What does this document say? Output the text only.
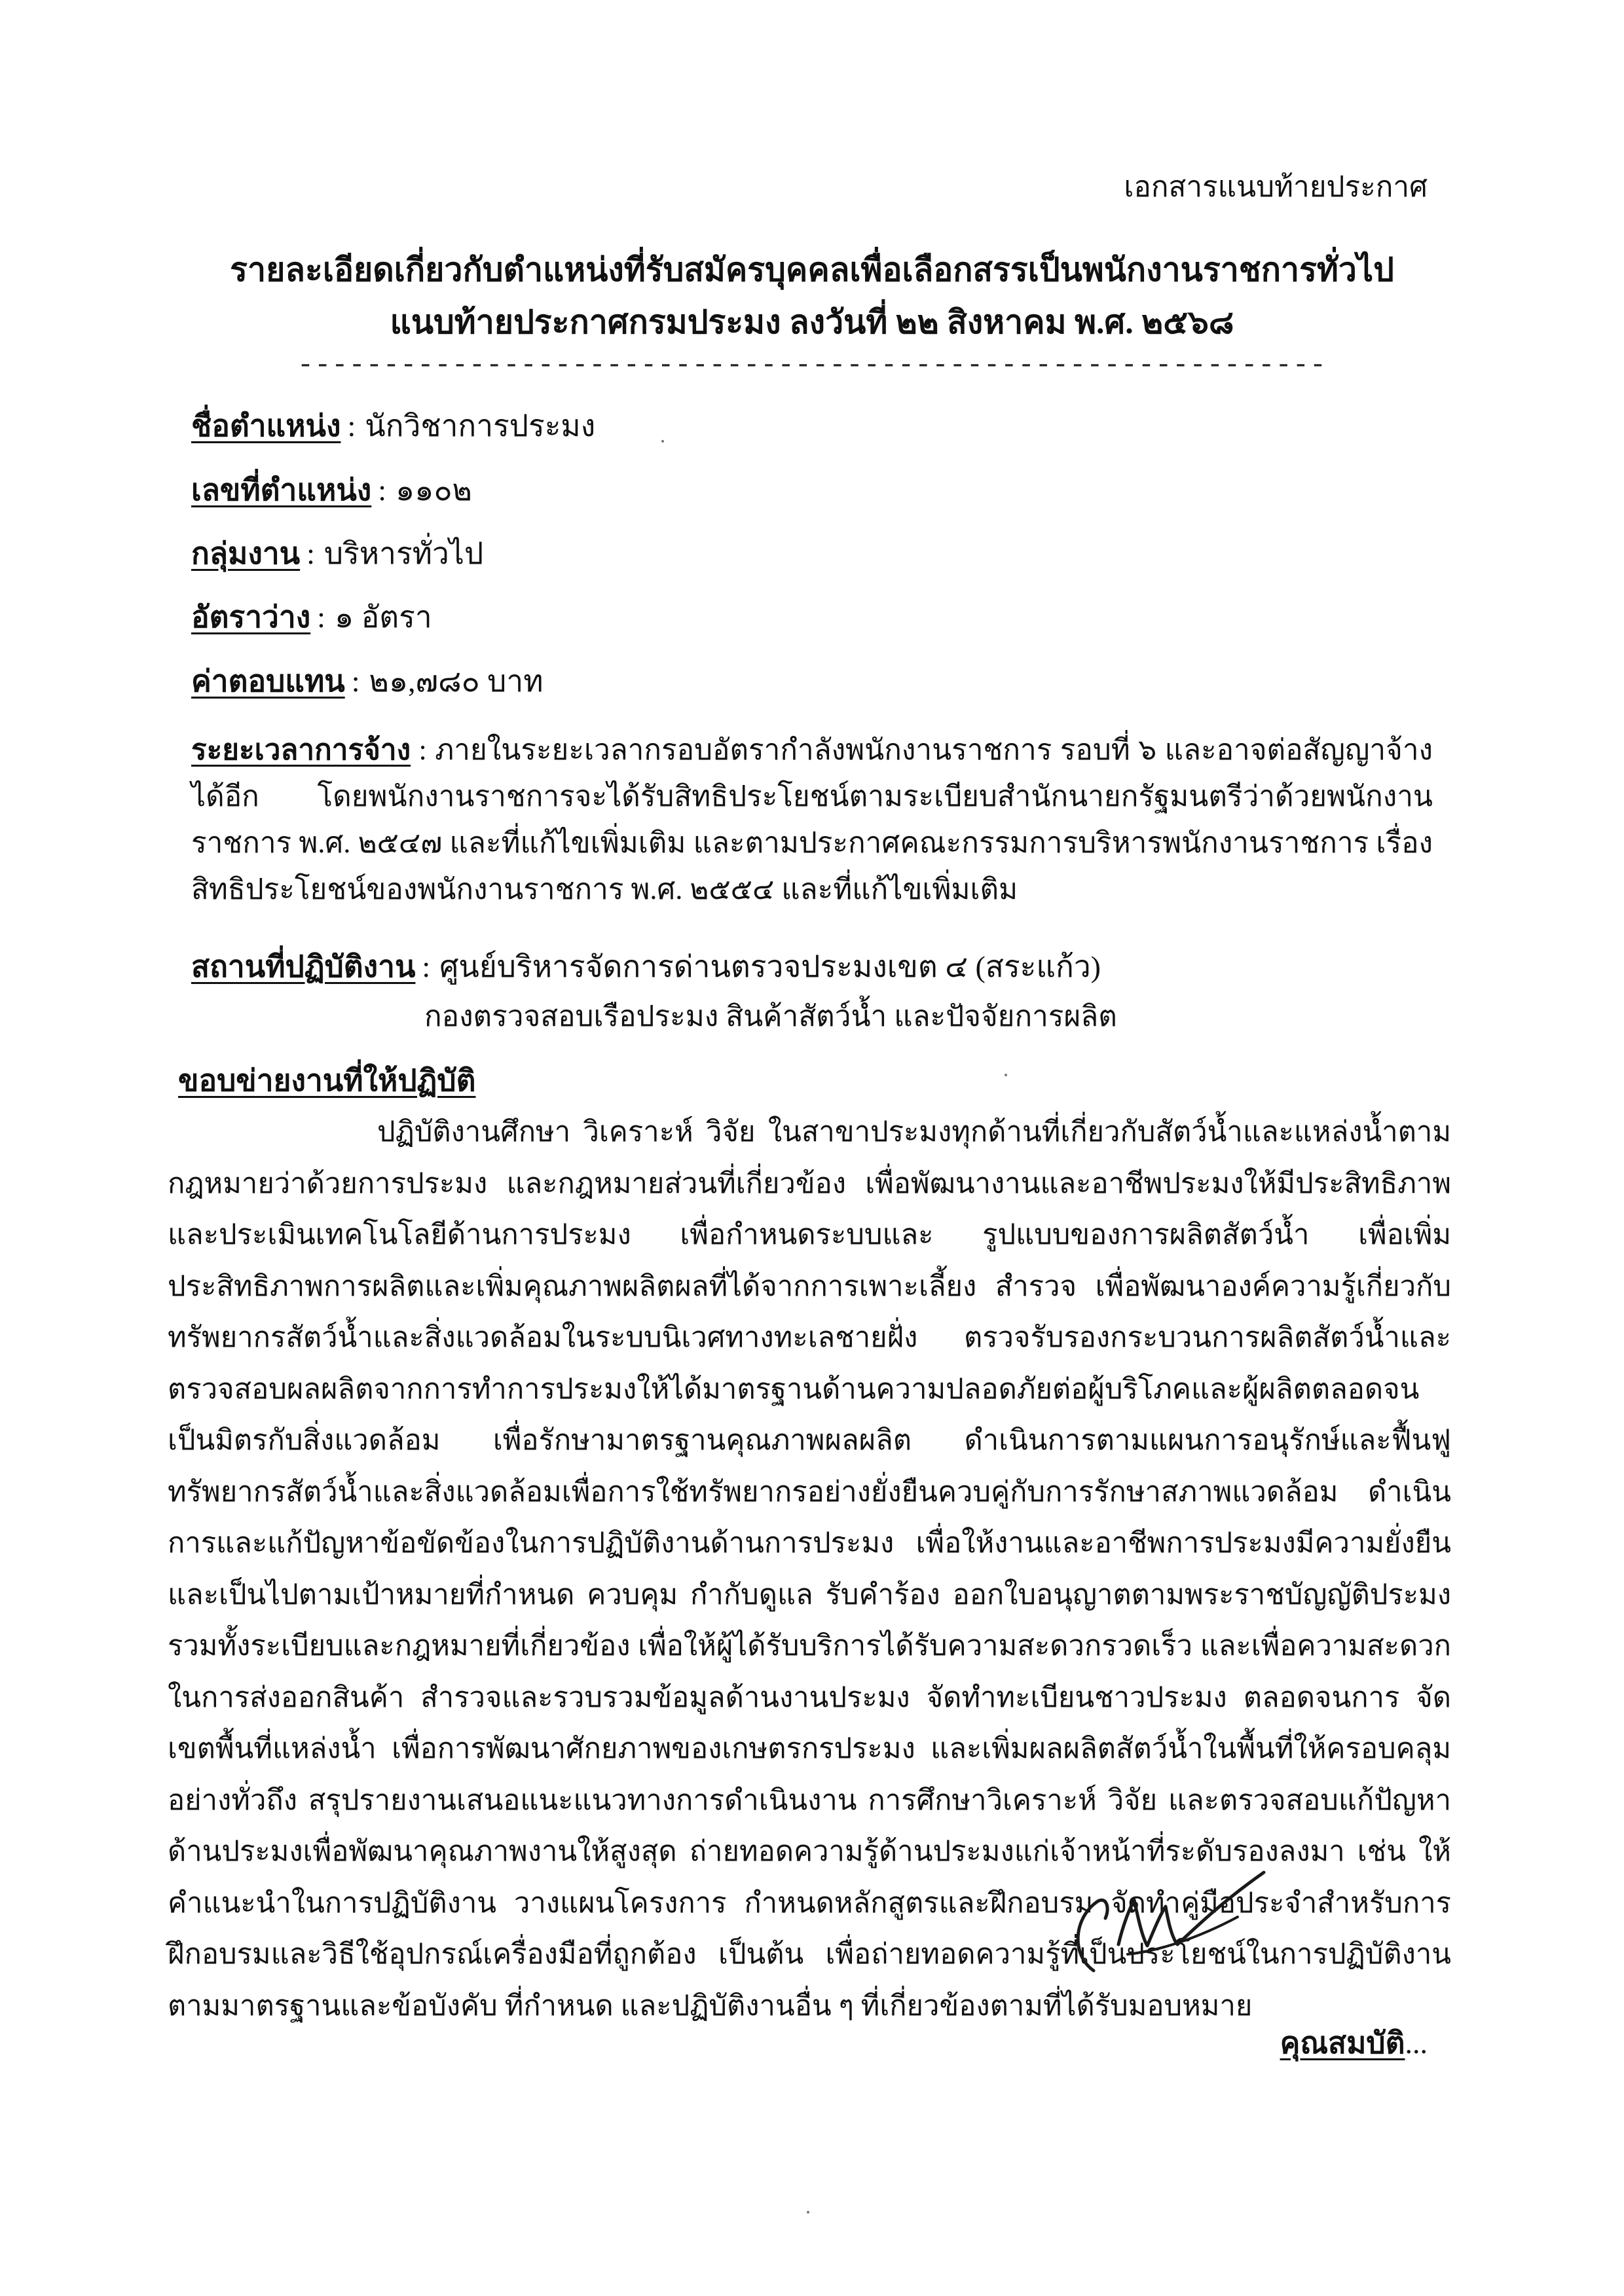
เอกสารแนบท้ายประกาศ
รายละเอียดเกี่ยวกับตำแหน่งที่รับสมัครบุคคลเพื่อเลือกสรรเป็นพนักงานราชการทั่วไป
แนบท้ายประกาศกรมประมง ลงวันที่ ๒๒ สิงหาคม พ.ศ. ๒๕๖๘
------------------------------------------------------------
ชื่อตำแหน่ง : นักวิชาการประมง
เลขที่ตำแหน่ง : ๑๑๐๒
กลุ่มงาน : บริหารทั่วไป
อัตราว่าง : ๑ อัตรา
ค่าตอบแทน : ๒๑,๗๘๐ บาท
ระยะเวลาการจ้าง : ภายในระยะเวลากรอบอัตรากำลังพนักงานราชการ รอบที่ ๖ และอาจต่อสัญญาจ้างได้อีก โดยพนักงานราชการจะได้รับสิทธิประโยชน์ตามระเบียบสำนักนายกรัฐมนตรีว่าด้วยพนักงานราชการ พ.ศ. ๒๕๔๗ และที่แก้ไขเพิ่มเติม และตามประกาศคณะกรรมการบริหารพนักงานราชการ เรื่อง สิทธิประโยชน์ของพนักงานราชการ พ.ศ. ๒๕๕๔ และที่แก้ไขเพิ่มเติม
สถานที่ปฏิบัติงาน : ศูนย์บริหารจัดการด่านตรวจประมงเขต ๔ (สระแก้ว)
กองตรวจสอบเรือประมง สินค้าสัตว์น้ำ และปัจจัยการผลิต
ขอบข่ายงานที่ให้ปฏิบัติ
ปฏิบัติงานศึกษา วิเคราะห์ วิจัย ในสาขาประมงทุกด้านที่เกี่ยวกับสัตว์น้ำและแหล่งน้ำตามกฎหมายว่าด้วยการประมง และกฎหมายส่วนที่เกี่ยวข้อง เพื่อพัฒนางานและอาชีพประมงให้มีประสิทธิภาพ และประเมินเทคโนโลยีด้านการประมง เพื่อกำหนดระบบและ รูปแบบของการผลิตสัตว์น้ำ เพื่อเพิ่มประสิทธิภาพการผลิตและเพิ่มคุณภาพผลิตผลที่ได้จากการเพาะเลี้ยง สำรวจ เพื่อพัฒนาองค์ความรู้เกี่ยวกับทรัพยากรสัตว์น้ำและสิ่งแวดล้อมในระบบนิเวศทางทะเลชายฝั่ง ตรวจรับรองกระบวนการผลิตสัตว์น้ำและตรวจสอบผลผลิตจากการทำการประมงให้ได้มาตรฐานด้านความปลอดภัยต่อผู้บริโภคและผู้ผลิตตลอดจนเป็นมิตรกับสิ่งแวดล้อม เพื่อรักษามาตรฐานคุณภาพผลผลิต ดำเนินการตามแผนการอนุรักษ์และฟื้นฟูทรัพยากรสัตว์น้ำและสิ่งแวดล้อมเพื่อการใช้ทรัพยากรอย่างยั่งยืนควบคู่กับการรักษาสภาพแวดล้อม ดำเนินการและแก้ปัญหาข้อขัดข้องในการปฏิบัติงานด้านการประมง เพื่อให้งานและอาชีพการประมงมีความยั่งยืนและเป็นไปตามเป้าหมายที่กำหนด ควบคุม กำกับดูแล รับคำร้อง ออกใบอนุญาตตามพระราชบัญญัติประมง รวมทั้งระเบียบและกฎหมายที่เกี่ยวข้อง เพื่อให้ผู้ได้รับบริการได้รับความสะดวกรวดเร็ว และเพื่อความสะดวกในการส่งออกสินค้า สำรวจและรวบรวมข้อมูลด้านงานประมง จัดทำทะเบียนชาวประมง ตลอดจนการ จัดเขตพื้นที่แหล่งน้ำ เพื่อการพัฒนาศักยภาพของเกษตรกรประมง และเพิ่มผลผลิตสัตว์น้ำในพื้นที่ให้ครอบคลุมอย่างทั่วถึง สรุปรายงานเสนอแนะแนวทางการดำเนินงาน การศึกษาวิเคราะห์ วิจัย และตรวจสอบแก้ปัญหาด้านประมงเพื่อพัฒนาคุณภาพงานให้สูงสุด ถ่ายทอดความรู้ด้านประมงแก่เจ้าหน้าที่ระดับรองลงมา เช่น ให้คำแนะนำในการปฏิบัติงาน วางแผนโครงการ กำหนดหลักสูตรและฝึกอบรม จัดทำคู่มือประจำสำหรับการฝึกอบรมและวิธีใช้อุปกรณ์เครื่องมือที่ถูกต้อง เป็นต้น เพื่อถ่ายทอดความรู้ที่เป็นประโยชน์ในการปฏิบัติงานตามมาตรฐานและข้อบังคับ ที่กำหนด และปฏิบัติงานอื่น ๆ ที่เกี่ยวข้องตามที่ได้รับมอบหมาย
คุณสมบัติ...
